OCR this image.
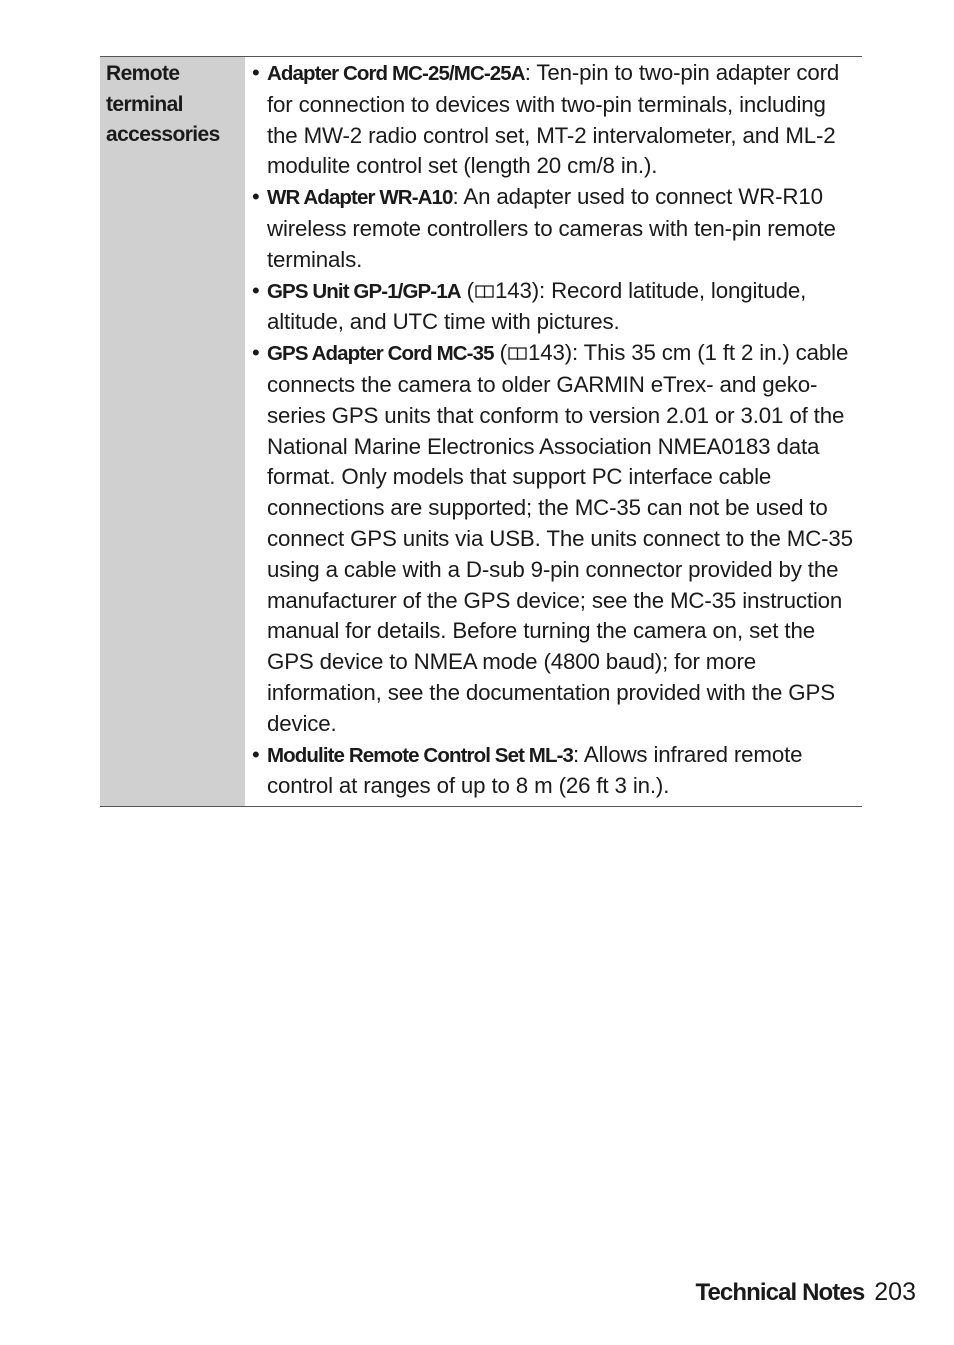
Remote
terminal
accessories
• Adapter Cord MC-25/MC-25A: Ten-pin to two-pin adapter cord for connection to devices with two-pin terminals, including the MW-2 radio control set, MT-2 intervalometer, and ML-2 modulite control set (length 20 cm/8 in.).
• WR Adapter WR-A10: An adapter used to connect WR-R10 wireless remote controllers to cameras with ten-pin remote terminals.
• GPS Unit GP-1/GP-1A ( 143): Record latitude, longitude, altitude, and UTC time with pictures.
• GPS Adapter Cord MC-35 ( 143): This 35 cm (1 ft 2 in.) cable connects the camera to older GARMIN eTrex- and geko-series GPS units that conform to version 2.01 or 3.01 of the National Marine Electronics Association NMEA0183 data format. Only models that support PC interface cable connections are supported; the MC-35 can not be used to connect GPS units via USB. The units connect to the MC-35 using a cable with a D-sub 9-pin connector provided by the manufacturer of the GPS device; see the MC-35 instruction manual for details. Before turning the camera on, set the GPS device to NMEA mode (4800 baud); for more information, see the documentation provided with the GPS device.
• Modulite Remote Control Set ML-3: Allows infrared remote control at ranges of up to 8 m (26 ft 3 in.).
Technical Notes 203
